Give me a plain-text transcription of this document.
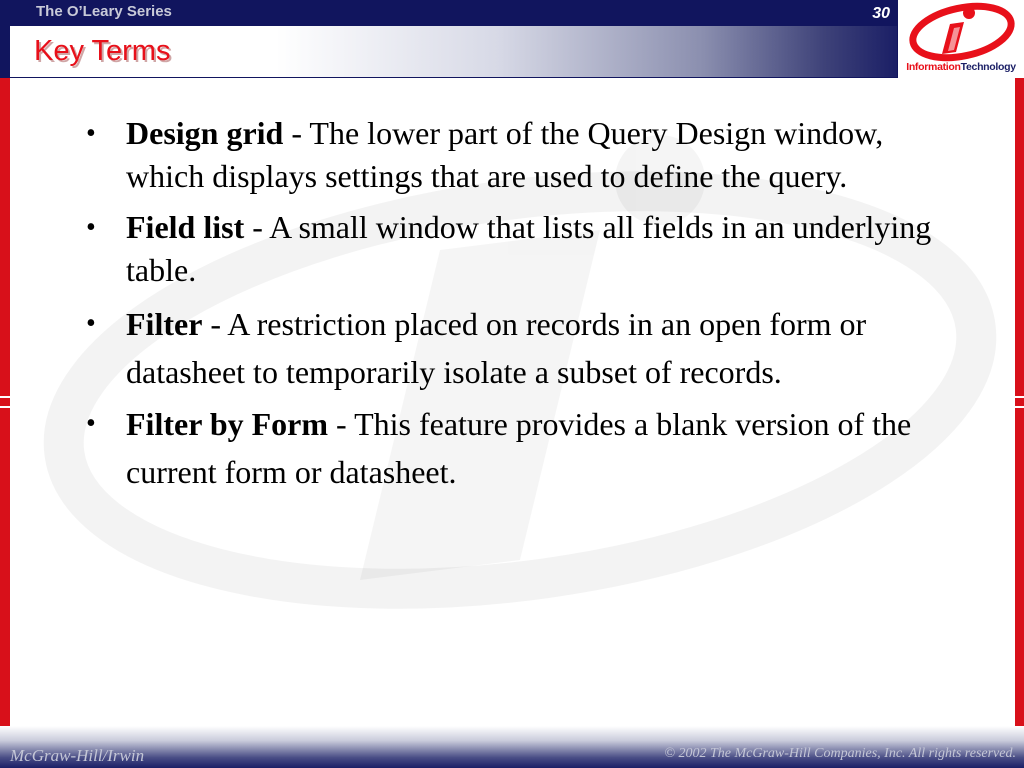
The O’Leary Series	30
Key Terms	InformationTechnology
• Design grid - The lower part of the Query Design window, which displays settings that are used to define the query.
• Field list - A small window that lists all fields in an underlying table.
• Filter - A restriction placed on records in an open form or datasheet to temporarily isolate a subset of records.
• Filter by Form - This feature provides a blank version of the current form or datasheet.
McGraw-Hill/Irwin	© 2002 The McGraw-Hill Companies, Inc. All rights reserved.
